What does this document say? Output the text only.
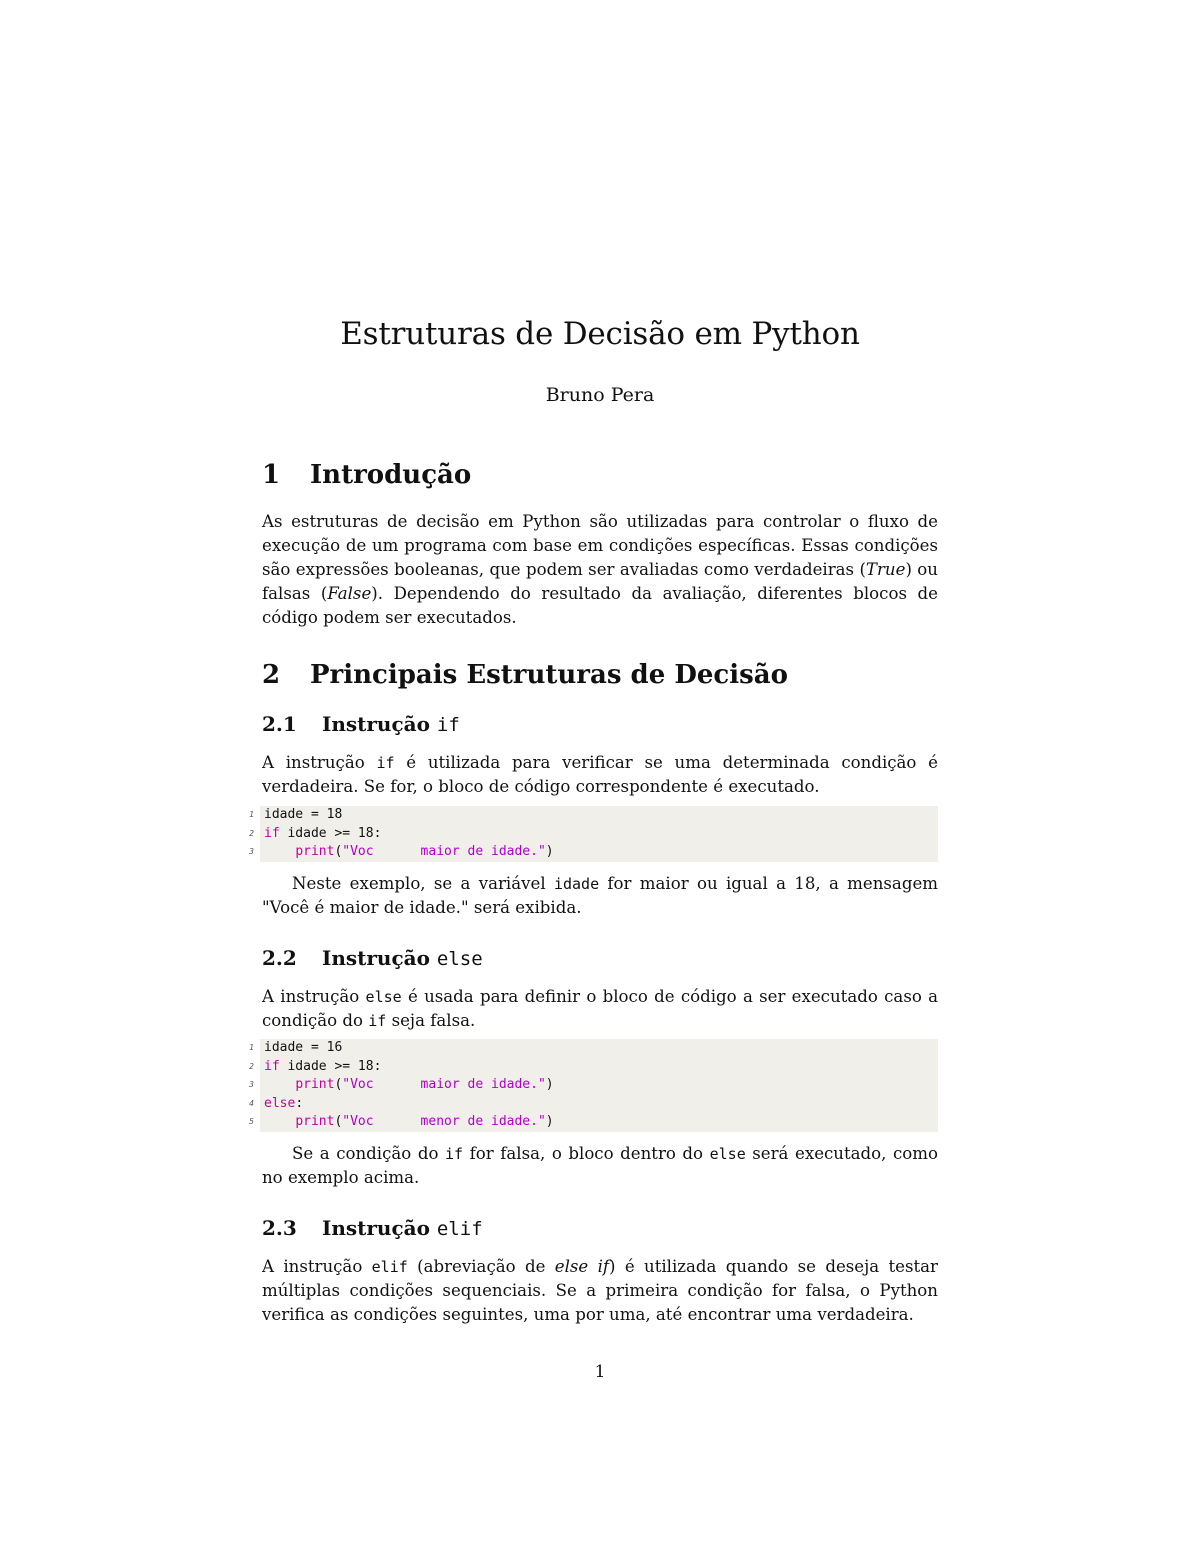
Estruturas de Decisão em Python
Bruno Pera
1 Introdução

As estruturas de decisão em Python são utilizadas para controlar o fluxo de execução de um programa com base em condições específicas. Essas condições são expressões booleanas, que podem ser avaliadas como verdadeiras (True) ou falsas (False). Dependendo do resultado da avaliação, diferentes blocos de código podem ser executados.

2 Principais Estruturas de Decisão
2.1 Instrução if

A instrução if é utilizada para verificar se uma determinada condição é verdadeira. Se for, o bloco de código correspondente é executado.

1 idade = 18
2 if idade >= 18:
3	print("Voc      maior de idade.")

Neste exemplo, se a variável idade for maior ou igual a 18, a mensagem "Você é maior de idade." será exibida.

2.2 Instrução else

A instrução else é usada para definir o bloco de código a ser executado caso a condição do if seja falsa.

1 idade = 16
2 if idade >= 18:
3	print("Voc      maior de idade.")
4 else:
5	print("Voc      menor de idade.")

Se a condição do if for falsa, o bloco dentro do else será executado, como no exemplo acima.

2.3 Instrução elif

A instrução elif (abreviação de else if) é utilizada quando se deseja testar múltiplas condições sequenciais. Se a primeira condição for falsa, o Python verifica as condições seguintes, uma por uma, até encontrar uma verdadeira.

1
